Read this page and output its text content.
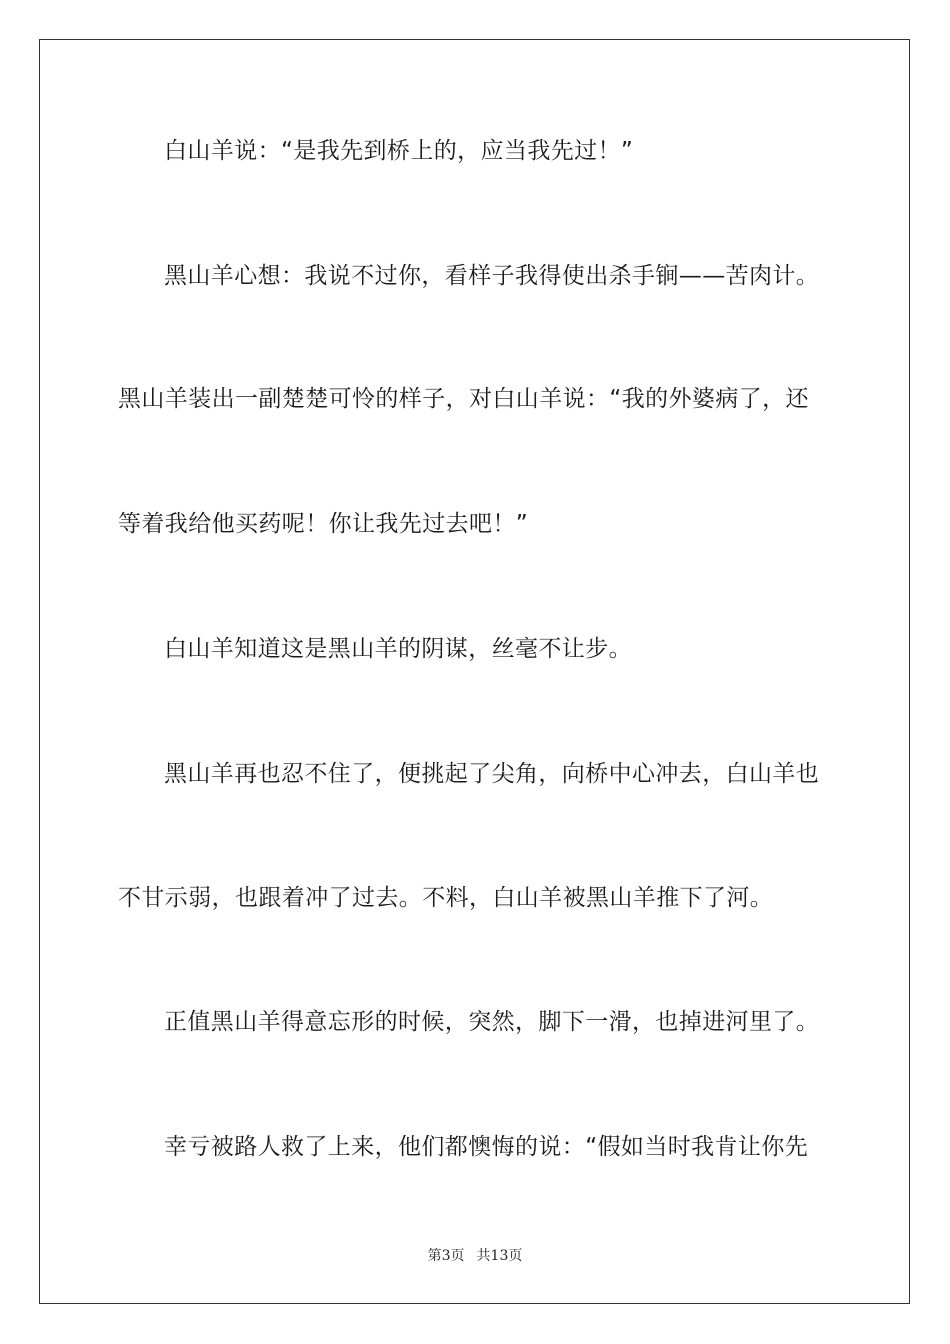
白山羊说：“是我先到桥上的，应当我先过！”
黑山羊心想：我说不过你，看样子我得使出杀手锏——苦肉计。
黑山羊装出一副楚楚可怜的样子，对白山羊说：“我的外婆病了，还
等着我给他买药呢！你让我先过去吧！”
白山羊知道这是黑山羊的阴谋，丝毫不让步。
黑山羊再也忍不住了，便挑起了尖角，向桥中心冲去，白山羊也
不甘示弱，也跟着冲了过去。不料，白山羊被黑山羊推下了河。
正值黑山羊得意忘形的时候，突然，脚下一滑，也掉进河里了。
幸亏被路人救了上来，他们都懊悔的说：“假如当时我肯让你先
第3页 共13页
